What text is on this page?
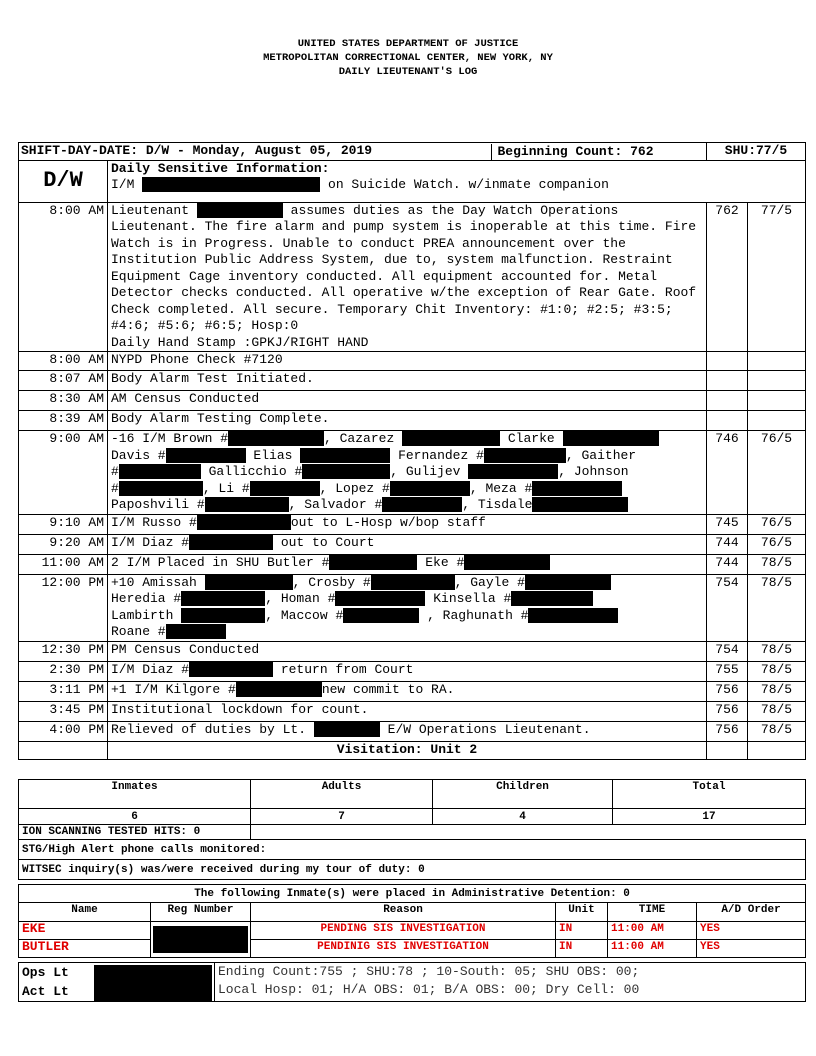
UNITED STATES DEPARTMENT OF JUSTICE
METROPOLITAN CORRECTIONAL CENTER, NEW YORK, NY
DAILY LIEUTENANT'S LOG
SHIFT-DAY-DATE: D/W - Monday, August 05, 2019 Beginning Count: 762		SHU:77/5	
D/W	Daily Sensitive Information:
I/M on Suicide Watch. w/inmate companion		

8:00 AM	Lieutenant assumes duties as the Day Watch Operations Lieutenant. The fire alarm and pump system is inoperable at this time. Fire Watch is in Progress. Unable to conduct PREA announcement over the Institution Public Address System, due to, system malfunction. Restraint Equipment Cage inventory conducted. All equipment accounted for. Metal Detector checks conducted. All operative w/the exception of Rear Gate. Roof Check completed. All secure. Temporary Chit Inventory: #1:0; #2:5; #3:5; #4:6; #5:6; #6:5; Hosp:0
Daily Hand Stamp :GPKJ/RIGHT HAND	762	77/5
8:00 AM	NYPD Phone Check #7120		
8:07 AM	Body Alarm Test Initiated.		
8:30 AM	AM Census Conducted		
8:39 AM	Body Alarm Testing Complete.		
9:00 AM	-16 I/M Brown # , Cazarez Clarke
Davis # Elias Fernandez # , Gaither
# Gallicchio # , Gulijev , Johnson
# , Li # , Lopez # , Meza #
Paposhvili # , Salvador # , Tisdale	746	76/5
9:10 AM	I/M Russo # out to L-Hosp w/bop staff	745	76/5
9:20 AM	I/M Diaz # out to Court	744	76/5
11:00 AM	2 I/M Placed in SHU Butler # Eke #	744	78/5
12:00 PM	+10 Amissah , Crosby # , Gayle #
Heredia # , Homan # Kinsella #
Lambirth , Maccow # , Raghunath #
Roane #	754	78/5
12:30 PM	PM Census Conducted	754	78/5
2:30 PM	I/M Diaz # return from Court	755	78/5
3:11 PM	+1 I/M Kilgore # new commit to RA.	756	78/5
3:45 PM	Institutional lockdown for count.	756	78/5
4:00 PM	Relieved of duties by Lt. E/W Operations Lieutenant.	756	78/5
	Visitation: Unit 2		
Inmates	Adults	Children	Total
6	7	4	17
ION SCANNING TESTED HITS: 0			
STG/High Alert phone calls monitored:			
WITSEC inquiry(s) was/were received during my tour of duty: 0			
The following Inmate(s) were placed in Administrative Detention: 0					
Name	Reg Number	Reason	Unit	TIME	A/D Order
EKE		PENDING SIS INVESTIGATION	IN	11:00 AM	YES
BUTLER		PENDINIG SIS INVESTIGATION	IN	11:00 AM	YES
Ops Lt
Act Lt

Ending Count:755 ; SHU:78 ; 10-South: 05; SHU OBS: 00;
Local Hosp: 01; H/A OBS: 01; B/A OBS: 00; Dry Cell: 00
